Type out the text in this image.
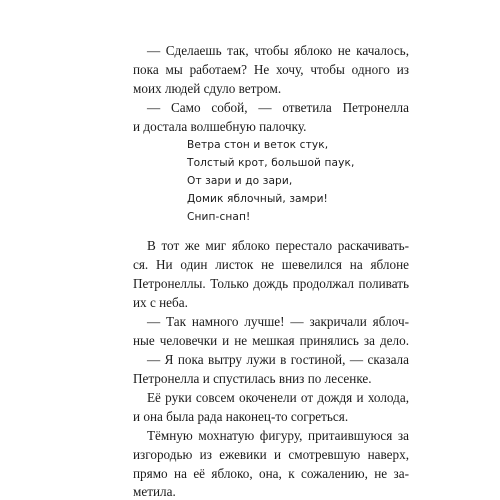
— Сделаешь так, чтобы яблоко не качалось,
пока мы работаем? Не хочу, чтобы одного из
моих людей сдуло ветром.
— Само собой, — ответила Петронелла
и достала волшебную палочку.
Ветра стон и веток стук,
Толстый крот, большой паук,
От зари и до зари,
Домик яблочный, замри!
Снип-снап!
В тот же миг яблоко перестало раскачивать-
ся. Ни один листок не шевелился на яблоне
Петронеллы. Только дождь продолжал поливать
их с неба.
— Так намного лучше! — закричали яблоч-
ные человечки и не мешкая принялись за дело.
— Я пока вытру лужи в гостиной, — сказала
Петронелла и спустилась вниз по лесенке.
Её руки совсем окоченели от дождя и холода,
и она была рада наконец-то согреться.
Тёмную мохнатую фигуру, притаившуюся за
изгородью из ежевики и смотревшую наверх,
прямо на её яблоко, она, к сожалению, не за-
метила.
